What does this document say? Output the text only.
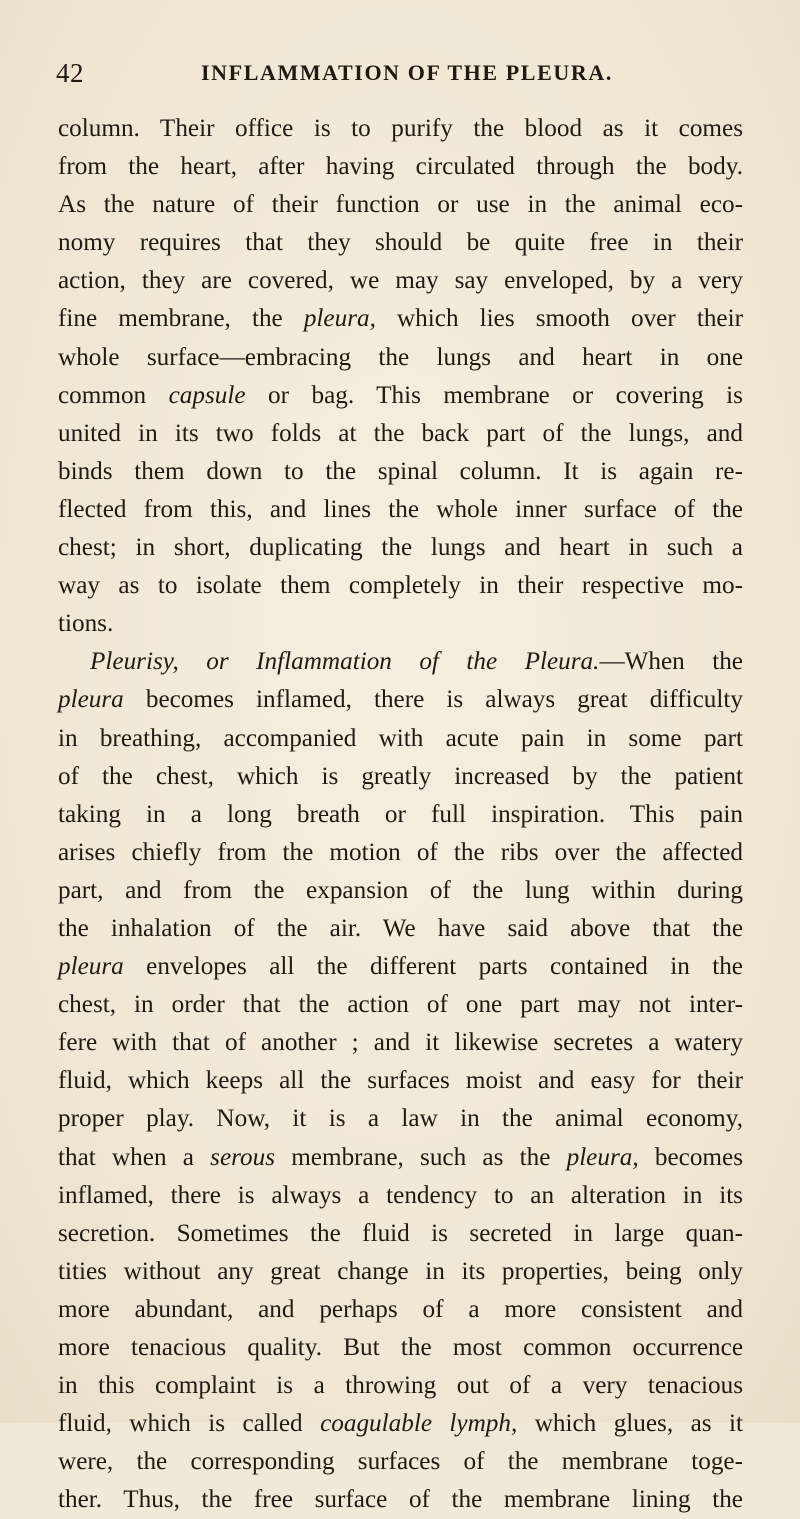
42	INFLAMMATION OF THE PLEURA.
column. Their office is to purify the blood as it comes
from the heart, after having circulated through the body.
As the nature of their function or use in the animal eco-
nomy requires that they should be quite free in their
action, they are covered, we may say enveloped, by a very
fine membrane, the pleura, which lies smooth over their
whole surface—embracing the lungs and heart in one
common capsule or bag. This membrane or covering is
united in its two folds at the back part of the lungs, and
binds them down to the spinal column. It is again re-
flected from this, and lines the whole inner surface of the
chest; in short, duplicating the lungs and heart in such a
way as to isolate them completely in their respective mo-
tions.
Pleurisy, or Inflammation of the Pleura.—When the
pleura becomes inflamed, there is always great difficulty
in breathing, accompanied with acute pain in some part
of the chest, which is greatly increased by the patient
taking in a long breath or full inspiration. This pain
arises chiefly from the motion of the ribs over the affected
part, and from the expansion of the lung within during
the inhalation of the air. We have said above that the
pleura envelopes all the different parts contained in the
chest, in order that the action of one part may not inter-
fere with that of another ; and it likewise secretes a watery
fluid, which keeps all the surfaces moist and easy for their
proper play. Now, it is a law in the animal economy,
that when a serous membrane, such as the pleura, becomes
inflamed, there is always a tendency to an alteration in its
secretion. Sometimes the fluid is secreted in large quan-
tities without any great change in its properties, being only
more abundant, and perhaps of a more consistent and
more tenacious quality. But the most common occurrence
in this complaint is a throwing out of a very tenacious
fluid, which is called coagulable lymph, which glues, as it
were, the corresponding surfaces of the membrane toge-
ther. Thus, the free surface of the membrane lining the
